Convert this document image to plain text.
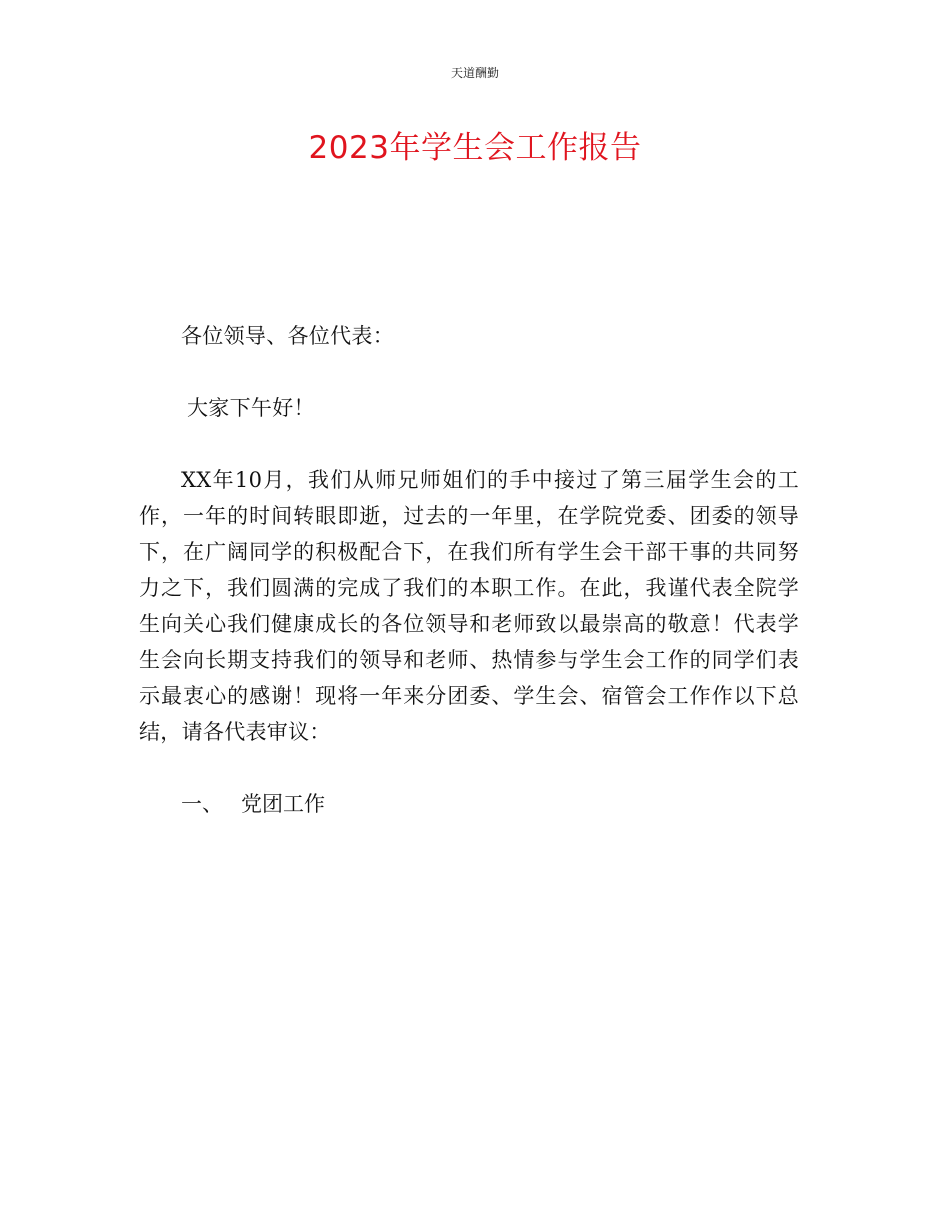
天道酬勤
2023年学生会工作报告

各位领导、各位代表：

大家下午好！

XX年10月，我们从师兄师姐们的手中接过了第三届学生会的工作，一年的时间转眼即逝，过去的一年里，在学院党委、团委的领导下，在广阔同学的积极配合下，在我们所有学生会干部干事的共同努力之下，我们圆满的完成了我们的本职工作。在此，我谨代表全院学生向关心我们健康成长的各位领导和老师致以最崇高的敬意！代表学生会向长期支持我们的领导和老师、热情参与学生会工作的同学们表示最衷心的感谢！现将一年来分团委、学生会、宿管会工作作以下总结，请各代表审议：

一、 党团工作
